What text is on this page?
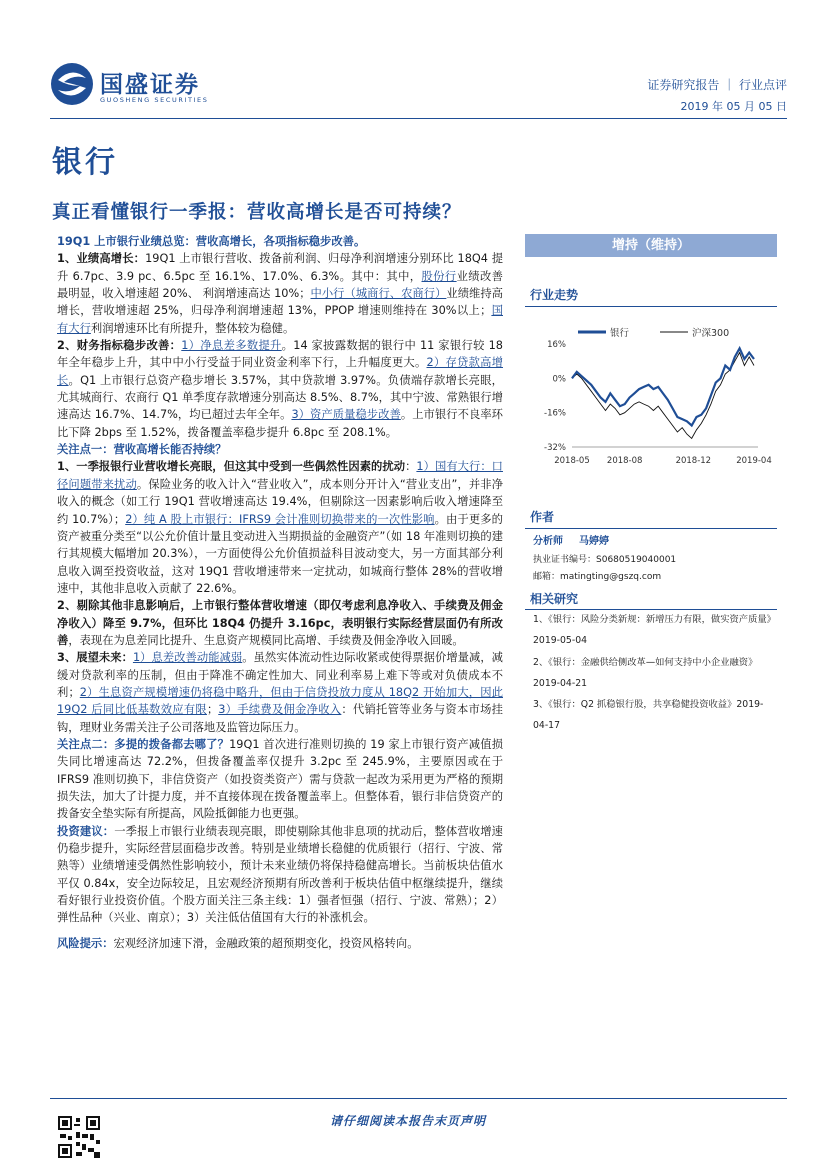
国盛证券
GUOSHENG SECURITIES
证券研究报告 ｜ 行业点评
2019 年 05 月 05 日
银行
真正看懂银行一季报：营收高增长是否可持续？

19Q1 上市银行业绩总览：营收高增长，各项指标稳步改善。

1、业绩高增长：19Q1 上市银行营收、拨备前利润、归母净利润增速分别环比 18Q4 提升 6.7pc、3.9 pc、6.5pc 至 16.1%、17.0%、6.3%。其中：其中，股份行业绩改善最明显，收入增速超 20%、 利润增速高达 10%；中小行（城商行、农商行）业绩维持高增长，营收增速超 25%，归母净利润增速超 13%，PPOP 增速则维持在 30%以上；国有大行利润增速环比有所提升，整体较为稳健。

2、财务指标稳步改善：1）净息差多数提升。14 家披露数据的银行中 11 家银行较 18 年全年稳步上升，其中中小行受益于同业资金利率下行，上升幅度更大。2）存贷款高增长。Q1 上市银行总资产稳步增长 3.57%，其中贷款增 3.97%。负债端存款增长亮眼，尤其城商行、农商行 Q1 单季度存款增速分别高达 8.5%、8.7%，其中宁波、常熟银行增速高达 16.7%、14.7%，均已超过去年全年。3）资产质量稳步改善。上市银行不良率环比下降 2bps 至 1.52%，拨备覆盖率稳步提升 6.8pc 至 208.1%。

关注点一：营收高增长能否持续？

1、一季报银行业营收增长亮眼，但这其中受到一些偶然性因素的扰动：1）国有大行：口径问题带来扰动。保险业务的收入计入“营业收入”，成本则分开计入“营业支出”，并非净收入的概念（如工行 19Q1 营收增速高达 19.4%，但剔除这一因素影响后收入增速降至约 10.7%）；2）纯 A 股上市银行：IFRS9 会计准则切换带来的一次性影响。由于更多的资产被重分类至“以公允价值计量且变动进入当期损益的金融资产”（如 18 年准则切换的建行其规模大幅增加 20.3%），一方面使得公允价值损益科目波动变大，另一方面其部分利息收入调至投资收益，这对 19Q1 营收增速带来一定扰动，如城商行整体 28%的营收增速中，其他非息收入贡献了 22.6%。

2、剔除其他非息影响后，上市银行整体营收增速（即仅考虑利息净收入、手续费及佣金净收入）降至 9.7%，但环比 18Q4 仍提升 3.16pc，表明银行实际经营层面仍有所改善，表现在为息差同比提升、生息资产规模同比高增、手续费及佣金净收入回暖。

3、展望未来：1）息差改善动能减弱。虽然实体流动性边际收紧或使得票据价增量减，减缓对贷款利率的压制，但由于降准不确定性加大、同业利率易上难下等或对负债成本不利；2）生息资产规模增速仍将稳中略升，但由于信贷投放力度从 18Q2 开始加大，因此 19Q2 后同比低基数效应有限；3）手续费及佣金净收入：代销托管等业务与资本市场挂钩，理财业务需关注子公司落地及监管边际压力。

关注点二：多提的拨备都去哪了？19Q1 首次进行准则切换的 19 家上市银行资产减值损失同比增速高达 72.2%，但拨备覆盖率仅提升 3.2pc 至 245.9%，主要原因或在于 IFRS9 准则切换下，非信贷资产（如投资类资产）需与贷款一起改为采用更为严格的预期损失法，加大了计提力度，并不直接体现在拨备覆盖率上。但整体看，银行非信贷资产的拨备安全垫实际有所提高，风险抵御能力也更强。

投资建议：一季报上市银行业绩表现亮眼，即使剔除其他非息项的扰动后，整体营收增速仍稳步提升，实际经营层面稳步改善。特别是业绩增长稳健的优质银行（招行、宁波、常熟等）业绩增速受偶然性影响较小，预计未来业绩仍将保持稳健高增长。当前板块估值水平仅 0.84x，安全边际较足，且宏观经济预期有所改善利于板块估值中枢继续提升，继续看好银行业投资价值。个股方面关注三条主线：1）强者恒强（招行、宁波、常熟）；2）弹性品种（兴业、南京）；3）关注低估值国有大行的补涨机会。

风险提示：宏观经济加速下滑，金融政策的超预期变化，投资风格转向。

增持（维持）
行业走势
银行	沪深300
16%
0%
-16%
-32%
2018-05 2018-08	2018-12	2019-04
作者
分析师 马婷婷
执业证书编号：S0680519040001
邮箱：matingting@gszq.com
相关研究

1、《银行：风险分类新规：新增压力有限，做实资产质量》2019-05-04

2、《银行：金融供给侧改革—如何支持中小企业融资》2019-04-21

3、《银行：Q2 抓稳银行股，共享稳健投资收益》2019-04-17

请仔细阅读本报告末页声明
